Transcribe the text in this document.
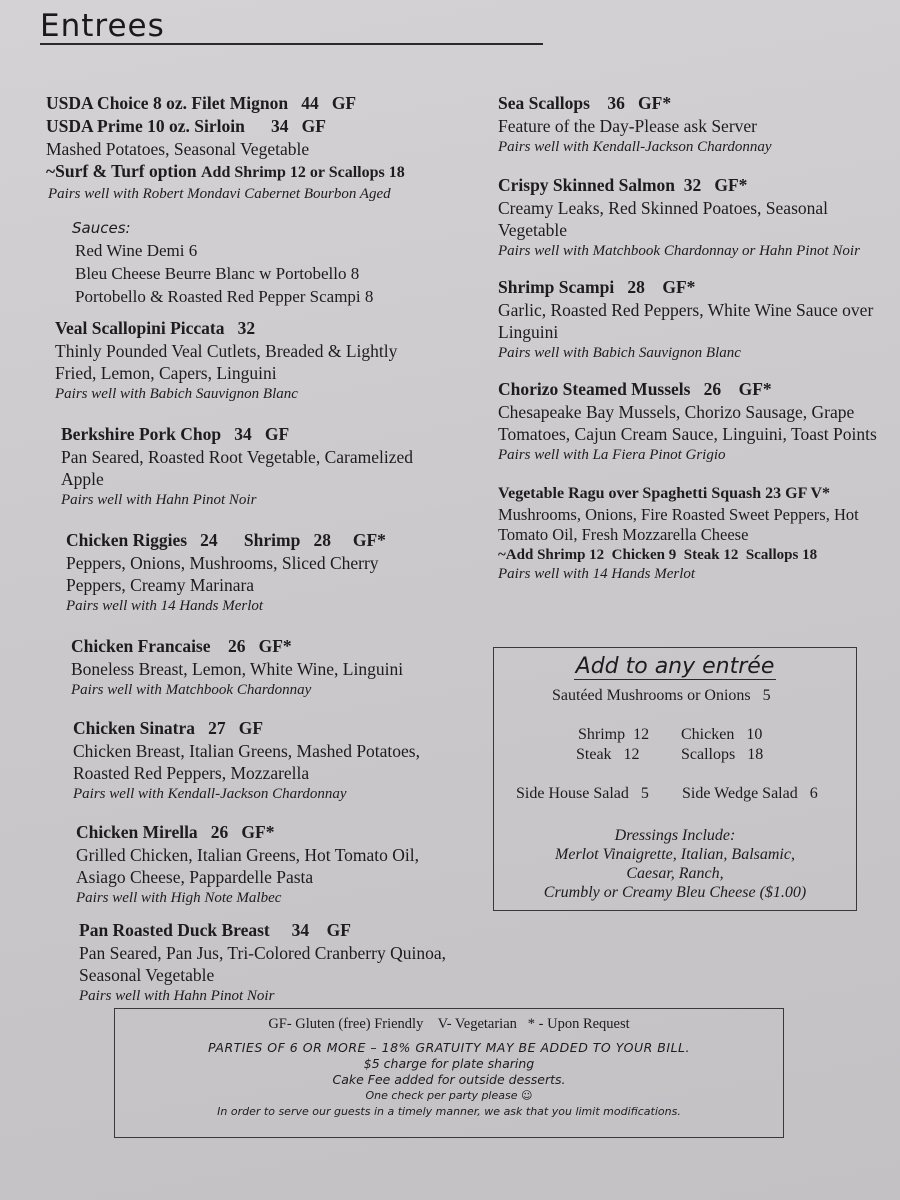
Entrees
USDA Choice 8 oz. Filet Mignon   44   GF
USDA Prime 10 oz. Sirloin      34   GF
Mashed Potatoes, Seasonal Vegetable
~Surf & Turf option Add Shrimp 12 or Scallops 18
Pairs well with Robert Mondavi Cabernet Bourbon Aged
Sauces:
Red Wine Demi 6
Bleu Cheese Beurre Blanc w Portobello 8
Portobello & Roasted Red Pepper Scampi 8
Veal Scallopini Piccata   32
Thinly Pounded Veal Cutlets, Breaded & Lightly Fried, Lemon, Capers, Linguini
Pairs well with Babich Sauvignon Blanc
Berkshire Pork Chop   34   GF
Pan Seared, Roasted Root Vegetable, Caramelized Apple
Pairs well with Hahn Pinot Noir
Chicken Riggies   24      Shrimp   28     GF*
Peppers, Onions, Mushrooms, Sliced Cherry Peppers, Creamy Marinara
Pairs well with 14 Hands Merlot
Chicken Francaise    26   GF*
Boneless Breast, Lemon, White Wine, Linguini
Pairs well with Matchbook Chardonnay
Chicken Sinatra   27   GF
Chicken Breast, Italian Greens, Mashed Potatoes, Roasted Red Peppers, Mozzarella
Pairs well with Kendall-Jackson Chardonnay
Chicken Mirella   26   GF*
Grilled Chicken, Italian Greens, Hot Tomato Oil, Asiago Cheese, Pappardelle Pasta
Pairs well with High Note Malbec
Pan Roasted Duck Breast     34    GF
Pan Seared, Pan Jus, Tri-Colored Cranberry Quinoa, Seasonal Vegetable
Pairs well with Hahn Pinot Noir
Sea Scallops    36   GF*
Feature of the Day-Please ask Server
Pairs well with Kendall-Jackson Chardonnay
Crispy Skinned Salmon  32   GF*
Creamy Leaks, Red Skinned Poatoes, Seasonal Vegetable
Pairs well with Matchbook Chardonnay or Hahn Pinot Noir
Shrimp Scampi   28    GF*
Garlic, Roasted Red Peppers, White Wine Sauce over Linguini
Pairs well with Babich Sauvignon Blanc
Chorizo Steamed Mussels   26    GF*
Chesapeake Bay Mussels, Chorizo Sausage, Grape Tomatoes, Cajun Cream Sauce, Linguini, Toast Points
Pairs well with La Fiera Pinot Grigio
Vegetable Ragu over Spaghetti Squash 23 GF V*
Mushrooms, Onions, Fire Roasted Sweet Peppers, Hot Tomato Oil, Fresh Mozzarella Cheese
~Add Shrimp 12  Chicken 9  Steak 12  Scallops 18
Pairs well with 14 Hands Merlot
Add to any entrée
Sautéed Mushrooms or Onions   5
Shrimp  12 Chicken   10
Steak   12	Scallops   18
Side House Salad   5 Side Wedge Salad   6
Dressings Include:
Merlot Vinaigrette, Italian, Balsamic,
Caesar, Ranch,
Crumbly or Creamy Bleu Cheese ($1.00)
GF- Gluten (free) Friendly    V- Vegetarian   * - Upon Request
PARTIES OF 6 OR MORE – 18% GRATUITY MAY BE ADDED TO YOUR BILL.
$5 charge for plate sharing
Cake Fee added for outside desserts.
One check per party please ☺
In order to serve our guests in a timely manner, we ask that you limit modifications.
